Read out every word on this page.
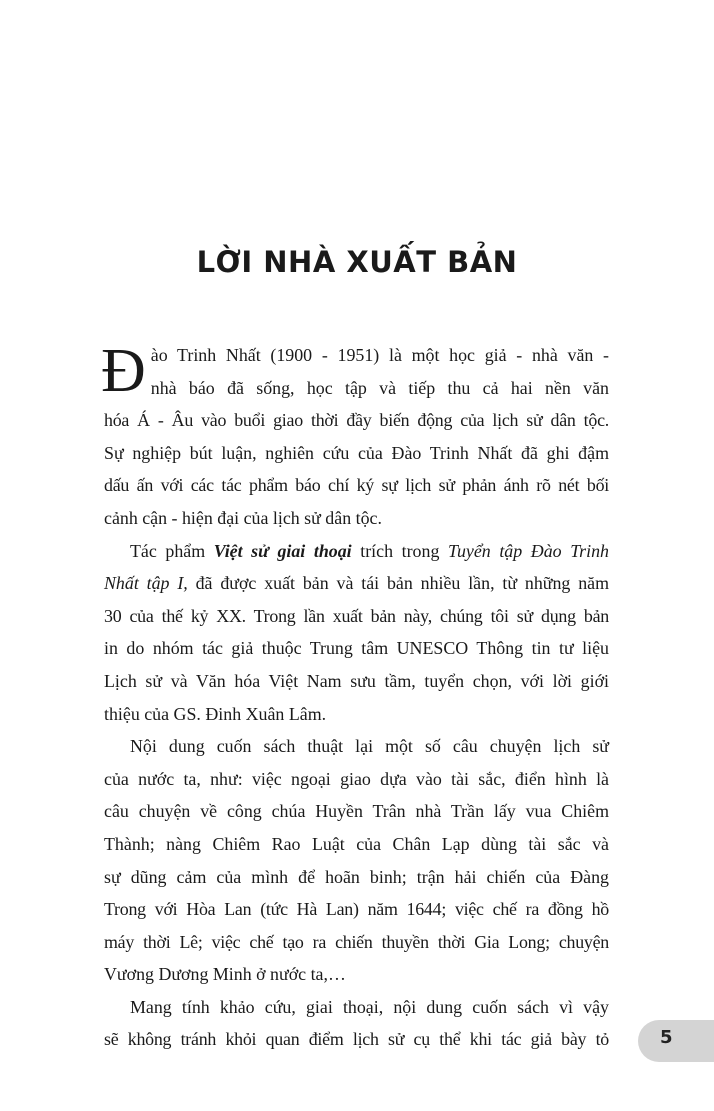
LỜI NHÀ XUẤT BẢN

Đ ào Trinh Nhất (1900 - 1951) là một học giả - nhà văn -
nhà báo đã sống, học tập và tiếp thu cả hai nền văn
hóa Á - Âu vào buổi giao thời đầy biến động của lịch sử dân tộc.
Sự nghiệp bút luận, nghiên cứu của Đào Trinh Nhất đã ghi đậm
dấu ấn với các tác phẩm báo chí ký sự lịch sử phản ánh rõ nét bối
cảnh cận - hiện đại của lịch sử dân tộc.

Tác phẩm Việt sử giai thoại trích trong Tuyển tập Đào Trinh
Nhất tập I, đã được xuất bản và tái bản nhiều lần, từ những năm
30 của thế kỷ XX. Trong lần xuất bản này, chúng tôi sử dụng bản
in do nhóm tác giả thuộc Trung tâm UNESCO Thông tin tư liệu
Lịch sử và Văn hóa Việt Nam sưu tầm, tuyển chọn, với lời giới
thiệu của GS. Đinh Xuân Lâm.

Nội dung cuốn sách thuật lại một số câu chuyện lịch sử
của nước ta, như: việc ngoại giao dựa vào tài sắc, điển hình là
câu chuyện về công chúa Huyền Trân nhà Trần lấy vua Chiêm
Thành; nàng Chiêm Rao Luật của Chân Lạp dùng tài sắc và
sự dũng cảm của mình để hoãn binh; trận hải chiến của Đàng
Trong với Hòa Lan (tức Hà Lan) năm 1644; việc chế ra đồng hồ
máy thời Lê; việc chế tạo ra chiến thuyền thời Gia Long; chuyện
Vương Dương Minh ở nước ta,…

Mang tính khảo cứu, giai thoại, nội dung cuốn sách vì vậy
sẽ không tránh khỏi quan điểm lịch sử cụ thể khi tác giả bày tỏ	5
